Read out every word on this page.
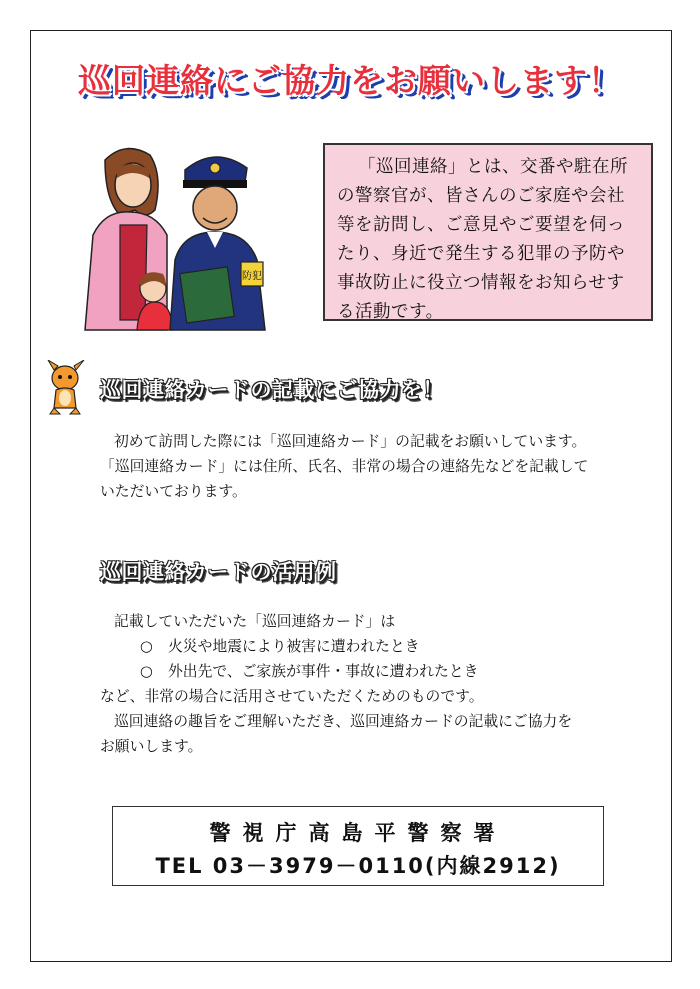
巡回連絡にご協力をお願いします！
防犯
「巡回連絡」とは、交番や駐在所の警察官が、皆さんのご家庭や会社等を訪問し、ご意見やご要望を伺ったり、身近で発生する犯罪の予防や事故防止に役立つ情報をお知らせする活動です。
巡回連絡カードの記載にご協力を！
初めて訪問した際には「巡回連絡カード」の記載をお願いしています。
「巡回連絡カード」には住所、氏名、非常の場合の連絡先などを記載して
いただいております。
巡回連絡カードの活用例
記載していただいた「巡回連絡カード」は
○ 火災や地震により被害に遭われたとき
○ 外出先で、ご家族が事件・事故に遭われたとき
など、非常の場合に活用させていただくためのものです。
巡回連絡の趣旨をご理解いただき、巡回連絡カードの記載にご協力を
お願いします。
警視庁高島平警察署
TEL 03－3979－0110(内線2912)
